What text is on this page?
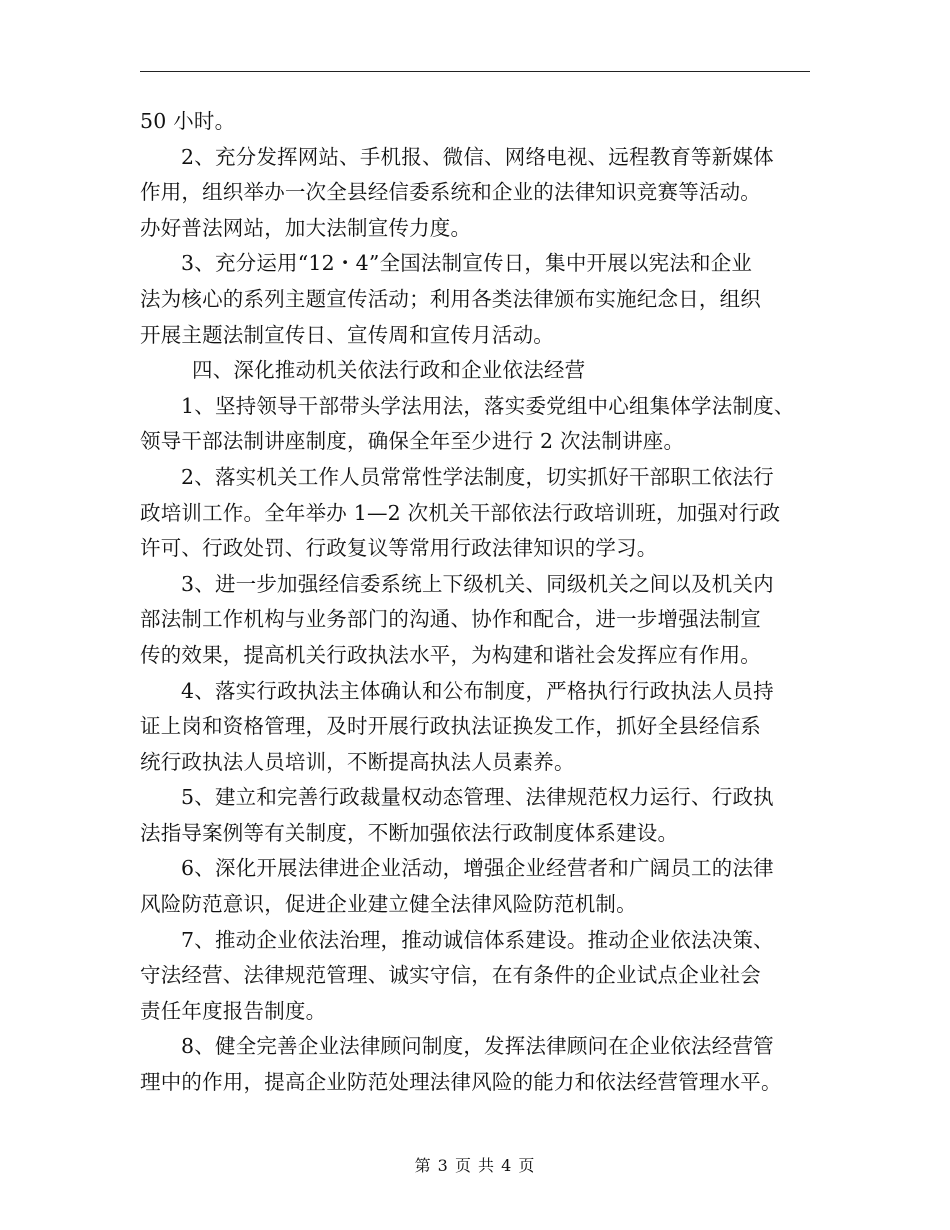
50 小时。
2、充分发挥网站、手机报、微信、网络电视、远程教育等新媒体
作用，组织举办一次全县经信委系统和企业的法律知识竞赛等活动。
办好普法网站，加大法制宣传力度。
3、充分运用“12・4”全国法制宣传日，集中开展以宪法和企业
法为核心的系列主题宣传活动；利用各类法律颁布实施纪念日，组织
开展主题法制宣传日、宣传周和宣传月活动。
四、深化推动机关依法行政和企业依法经营
1、坚持领导干部带头学法用法，落实委党组中心组集体学法制度、
领导干部法制讲座制度，确保全年至少进行 2 次法制讲座。
2、落实机关工作人员常常性学法制度，切实抓好干部职工依法行
政培训工作。全年举办 1—2 次机关干部依法行政培训班，加强对行政
许可、行政处罚、行政复议等常用行政法律知识的学习。
3、进一步加强经信委系统上下级机关、同级机关之间以及机关内
部法制工作机构与业务部门的沟通、协作和配合，进一步增强法制宣
传的效果，提高机关行政执法水平，为构建和谐社会发挥应有作用。
4、落实行政执法主体确认和公布制度，严格执行行政执法人员持
证上岗和资格管理，及时开展行政执法证换发工作，抓好全县经信系
统行政执法人员培训，不断提高执法人员素养。
5、建立和完善行政裁量权动态管理、法律规范权力运行、行政执
法指导案例等有关制度，不断加强依法行政制度体系建设。
6、深化开展法律进企业活动，增强企业经营者和广阔员工的法律
风险防范意识，促进企业建立健全法律风险防范机制。
7、推动企业依法治理，推动诚信体系建设。推动企业依法决策、
守法经营、法律规范管理、诚实守信，在有条件的企业试点企业社会
责任年度报告制度。
8、健全完善企业法律顾问制度，发挥法律顾问在企业依法经营管
理中的作用，提高企业防范处理法律风险的能力和依法经营管理水平。
第 3 页 共 4 页
